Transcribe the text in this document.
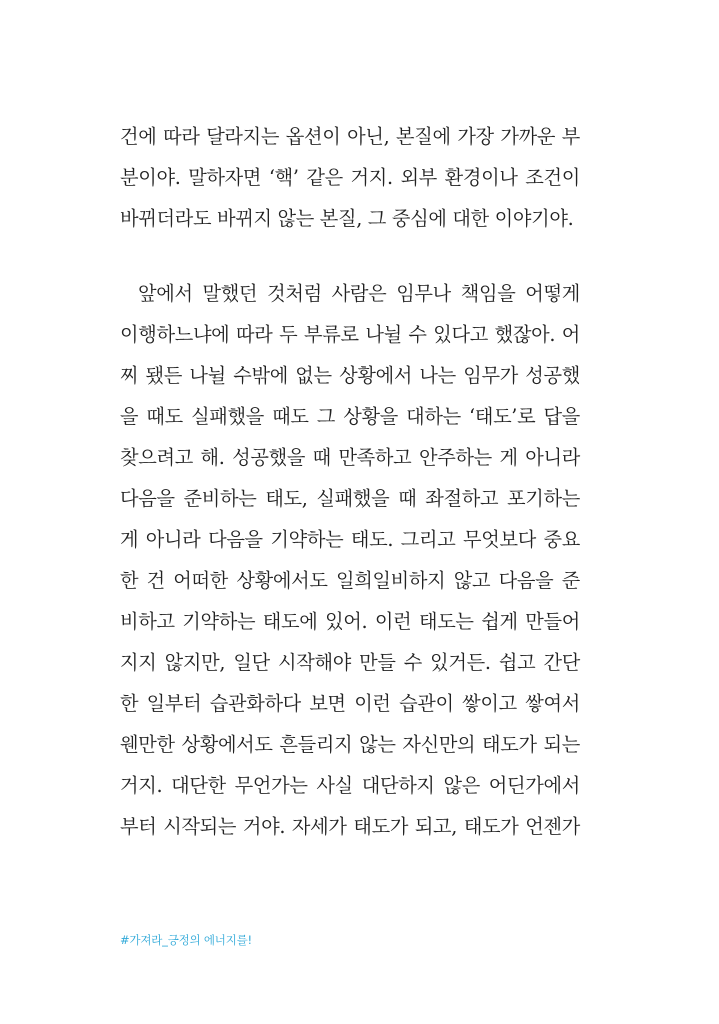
건에 따라 달라지는 옵션이 아닌, 본질에 가장 가까운 부
분이야. 말하자면 ‘핵’ 같은 거지. 외부 환경이나 조건이
바뀌더라도 바뀌지 않는 본질, 그 중심에 대한 이야기야.
앞에서 말했던 것처럼 사람은 임무나 책임을 어떻게
이행하느냐에 따라 두 부류로 나뉠 수 있다고 했잖아. 어
찌 됐든 나뉠 수밖에 없는 상황에서 나는 임무가 성공했
을 때도 실패했을 때도 그 상황을 대하는 ‘태도’로 답을
찾으려고 해. 성공했을 때 만족하고 안주하는 게 아니라
다음을 준비하는 태도, 실패했을 때 좌절하고 포기하는
게 아니라 다음을 기약하는 태도. 그리고 무엇보다 중요
한 건 어떠한 상황에서도 일희일비하지 않고 다음을 준
비하고 기약하는 태도에 있어. 이런 태도는 쉽게 만들어
지지 않지만, 일단 시작해야 만들 수 있거든. 쉽고 간단
한 일부터 습관화하다 보면 이런 습관이 쌓이고 쌓여서
웬만한 상황에서도 흔들리지 않는 자신만의 태도가 되는
거지. 대단한 무언가는 사실 대단하지 않은 어딘가에서
부터 시작되는 거야. 자세가 태도가 되고, 태도가 언젠가
#가져라_긍정의 에너지를!
